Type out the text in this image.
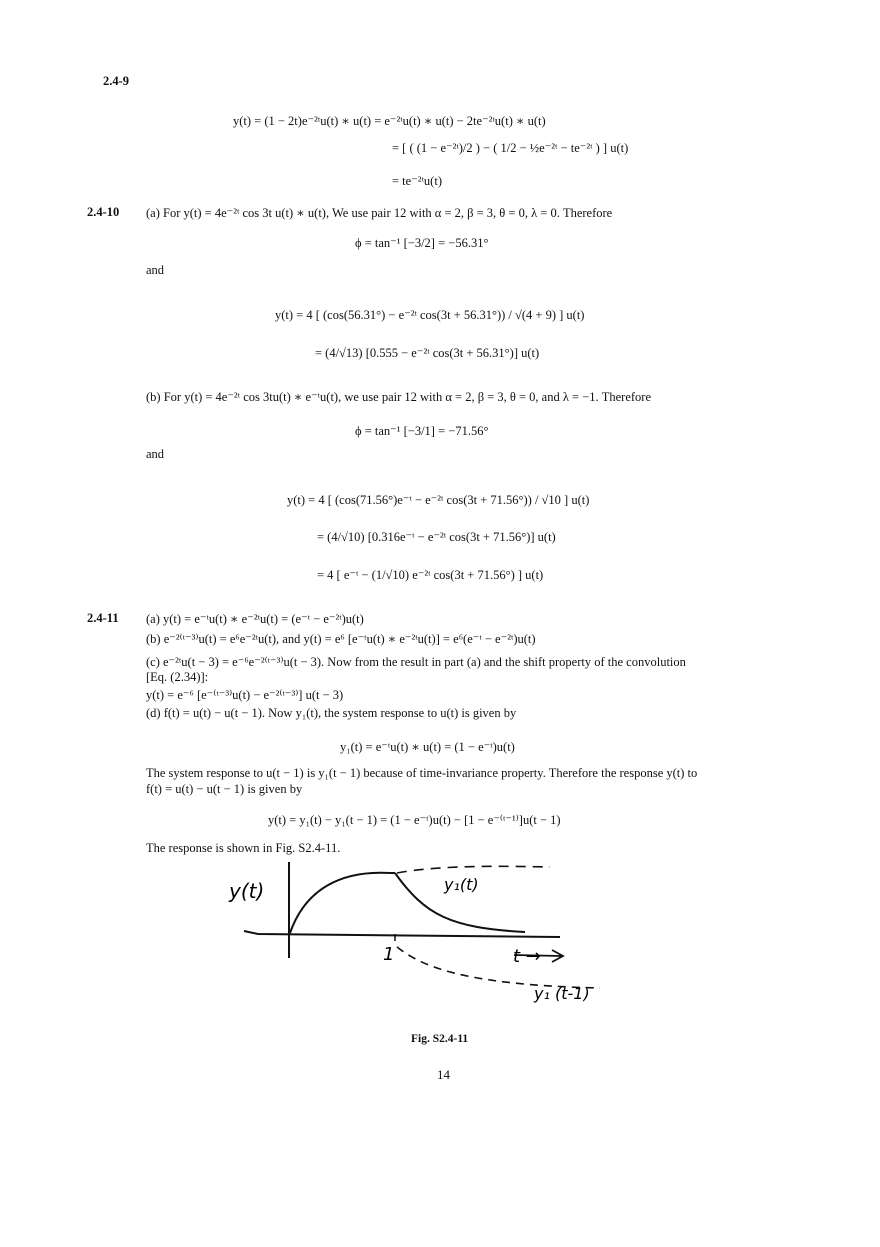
2.4-9
y(t) = (1 − 2t)e⁻²ᵗu(t) ∗ u(t) = e⁻²ᵗu(t) ∗ u(t) − 2te⁻²ᵗu(t) ∗ u(t)
= [ ( (1 − e⁻²ᵗ)/2 ) − ( 1/2 − ½e⁻²ᵗ − te⁻²ᵗ ) ] u(t)
= te⁻²ᵗu(t)
2.4-10 (a) For y(t) = 4e⁻²ᵗ cos 3t u(t) ∗ u(t), We use pair 12 with α = 2, β = 3, θ = 0, λ = 0. Therefore
ϕ = tan⁻¹ [−3/2] = −56.31°
and
y(t) = 4 [ (cos(56.31°) − e⁻²ᵗ cos(3t + 56.31°)) / √(4 + 9) ] u(t)
= (4/√13) [0.555 − e⁻²ᵗ cos(3t + 56.31°)] u(t)
(b) For y(t) = 4e⁻²ᵗ cos 3tu(t) ∗ e⁻ᵗu(t), we use pair 12 with α = 2, β = 3, θ = 0, and λ = −1. Therefore
ϕ = tan⁻¹ [−3/1] = −71.56°
and
y(t) = 4 [ (cos(71.56°)e⁻ᵗ − e⁻²ᵗ cos(3t + 71.56°)) / √10 ] u(t)
= (4/√10) [0.316e⁻ᵗ − e⁻²ᵗ cos(3t + 71.56°)] u(t)
= 4 [ e⁻ᵗ − (1/√10) e⁻²ᵗ cos(3t + 71.56°) ] u(t)
2.4-11 (a) y(t) = e⁻ᵗu(t) ∗ e⁻²ᵗu(t) = (e⁻ᵗ − e⁻²ᵗ)u(t)
(b) e⁻²⁽ᵗ⁻³⁾u(t) = e⁶e⁻²ᵗu(t), and y(t) = e⁶ [e⁻ᵗu(t) ∗ e⁻²ᵗu(t)] = e⁶(e⁻ᵗ − e⁻²ᵗ)u(t)
(c) e⁻²ᵗu(t − 3) = e⁻⁶e⁻²⁽ᵗ⁻³⁾u(t − 3). Now from the result in part (a) and the shift property of the convolution
[Eq. (2.34)]:
y(t) = e⁻⁶ [e⁻⁽ᵗ⁻³⁾u(t) − e⁻²⁽ᵗ⁻³⁾] u(t − 3)
(d) f(t) = u(t) − u(t − 1). Now y₁(t), the system response to u(t) is given by
y₁(t) = e⁻ᵗu(t) ∗ u(t) = (1 − e⁻ᵗ)u(t)
The system response to u(t − 1) is y₁(t − 1) because of time-invariance property. Therefore the response y(t) to
f(t) = u(t) − u(t − 1) is given by
y(t) = y₁(t) − y₁(t − 1) = (1 − e⁻ᵗ)u(t) − [1 − e⁻⁽ᵗ⁻¹⁾]u(t − 1)
The response is shown in Fig. S2.4-11.
y(t)	y₁(t)
1	t →
y₁ (t-1)
Fig. S2.4-11
14
